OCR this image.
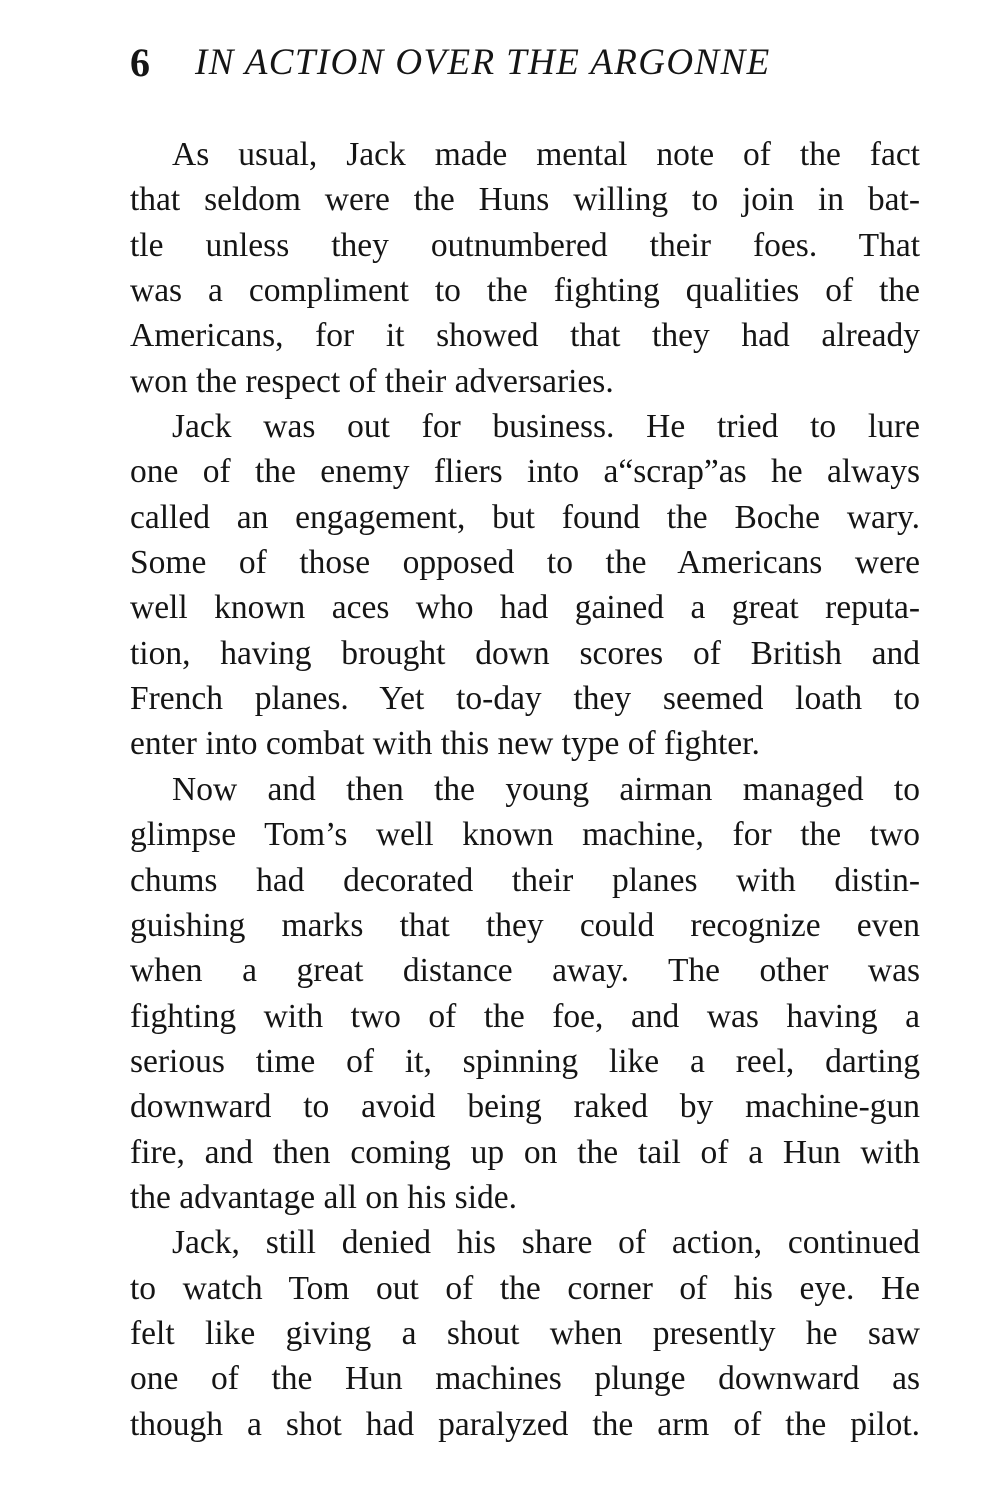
6 IN ACTION OVER THE ARGONNE

As usual, Jack made mental note of the fact
that seldom were the Huns willing to join in bat-
tle unless they outnumbered their foes. That
was a compliment to the fighting qualities of the
Americans, for it showed that they had already
won the respect of their adversaries.

Jack was out for business. He tried to lure
one of the enemy fliers into a“scrap”as he always
called an engagement, but found the Boche wary.
Some of those opposed to the Americans were
well known aces who had gained a great reputa-
tion, having brought down scores of British and
French planes. Yet to-day they seemed loath to
enter into combat with this new type of fighter.

Now and then the young airman managed to
glimpse Tom’s well known machine, for the two
chums had decorated their planes with distin-
guishing marks that they could recognize even
when a great distance away. The other was
fighting with two of the foe, and was having a
serious time of it, spinning like a reel, darting
downward to avoid being raked by machine-gun
fire, and then coming up on the tail of a Hun with
the advantage all on his side.

Jack, still denied his share of action, continued
to watch Tom out of the corner of his eye. He
felt like giving a shout when presently he saw
one of the Hun machines plunge downward as
though a shot had paralyzed the arm of the pilot.
